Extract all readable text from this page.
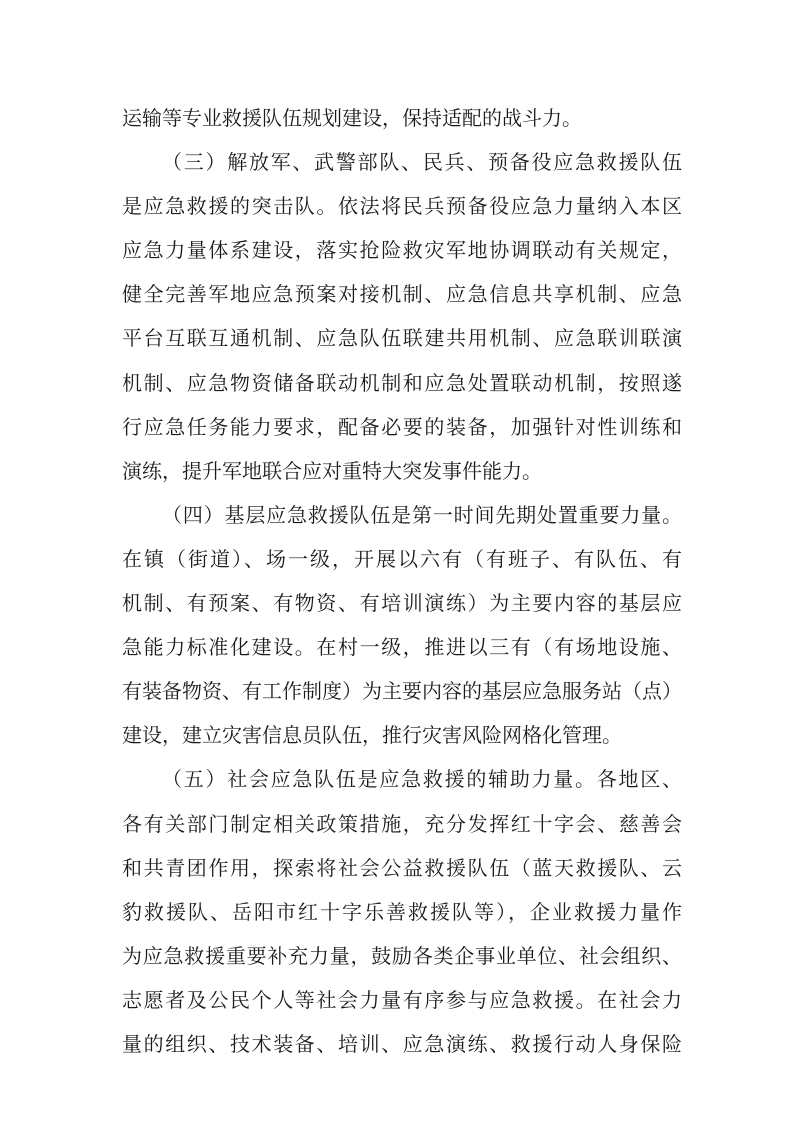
运输等专业救援队伍规划建设，保持适配的战斗力。
（三）解放军、武警部队、民兵、预备役应急救援队伍
是应急救援的突击队。依法将民兵预备役应急力量纳入本区
应急力量体系建设，落实抢险救灾军地协调联动有关规定，
健全完善军地应急预案对接机制、应急信息共享机制、应急
平台互联互通机制、应急队伍联建共用机制、应急联训联演
机制、应急物资储备联动机制和应急处置联动机制，按照遂
行应急任务能力要求，配备必要的装备，加强针对性训练和
演练，提升军地联合应对重特大突发事件能力。
（四）基层应急救援队伍是第一时间先期处置重要力量。
在镇（街道）、场一级，开展以六有（有班子、有队伍、有
机制、有预案、有物资、有培训演练）为主要内容的基层应
急能力标准化建设。在村一级，推进以三有（有场地设施、
有装备物资、有工作制度）为主要内容的基层应急服务站（点）
建设，建立灾害信息员队伍，推行灾害风险网格化管理。
（五）社会应急队伍是应急救援的辅助力量。各地区、
各有关部门制定相关政策措施，充分发挥红十字会、慈善会
和共青团作用，探索将社会公益救援队伍（蓝天救援队、云
豹救援队、岳阳市红十字乐善救援队等），企业救援力量作
为应急救援重要补充力量，鼓励各类企事业单位、社会组织、
志愿者及公民个人等社会力量有序参与应急救援。在社会力
量的组织、技术装备、培训、应急演练、救援行动人身保险
